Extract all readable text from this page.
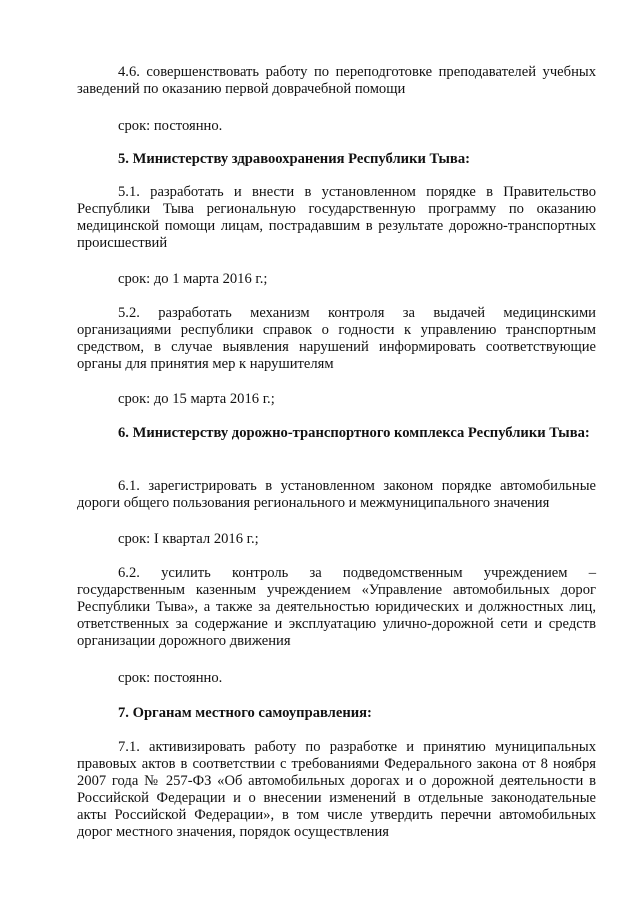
4.6. совершенствовать работу по переподготовке преподавателей учебных заведений по оказанию первой доврачебной помощи

срок: постоянно.

5. Министерству здравоохранения Республики Тыва:

5.1. разработать и внести в установленном порядке в Правительство Республики Тыва региональную государственную программу по оказанию медицинской помощи лицам, пострадавшим в результате дорожно-транспортных происшествий

срок: до 1 марта 2016 г.;

5.2. разработать механизм контроля за выдачей медицинскими организациями республики справок о годности к управлению транспортным средством, в случае выявления нарушений информировать соответствующие органы для принятия мер к нарушителям

срок: до 15 марта 2016 г.;

6. Министерству дорожно-транспортного комплекса Республики Тыва:

6.1. зарегистрировать в установленном законом порядке автомобильные дороги общего пользования регионального и межмуниципального значения

срок: I квартал 2016 г.;

6.2. усилить контроль за подведомственным учреждением – государственным казенным учреждением «Управление автомобильных дорог Республики Тыва», а также за деятельностью юридических и должностных лиц, ответственных за содержание и эксплуатацию улично-дорожной сети и средств организации дорожного движения

срок: постоянно.

7. Органам местного самоуправления:

7.1. активизировать работу по разработке и принятию муниципальных правовых актов в соответствии с требованиями Федерального закона от 8 ноября 2007 года № 257-ФЗ «Об автомобильных дорогах и о дорожной деятельности в Российской Федерации и о внесении изменений в отдельные законодательные акты Российской Федерации», в том числе утвердить перечни автомобильных дорог местного значения, порядок осуществления
